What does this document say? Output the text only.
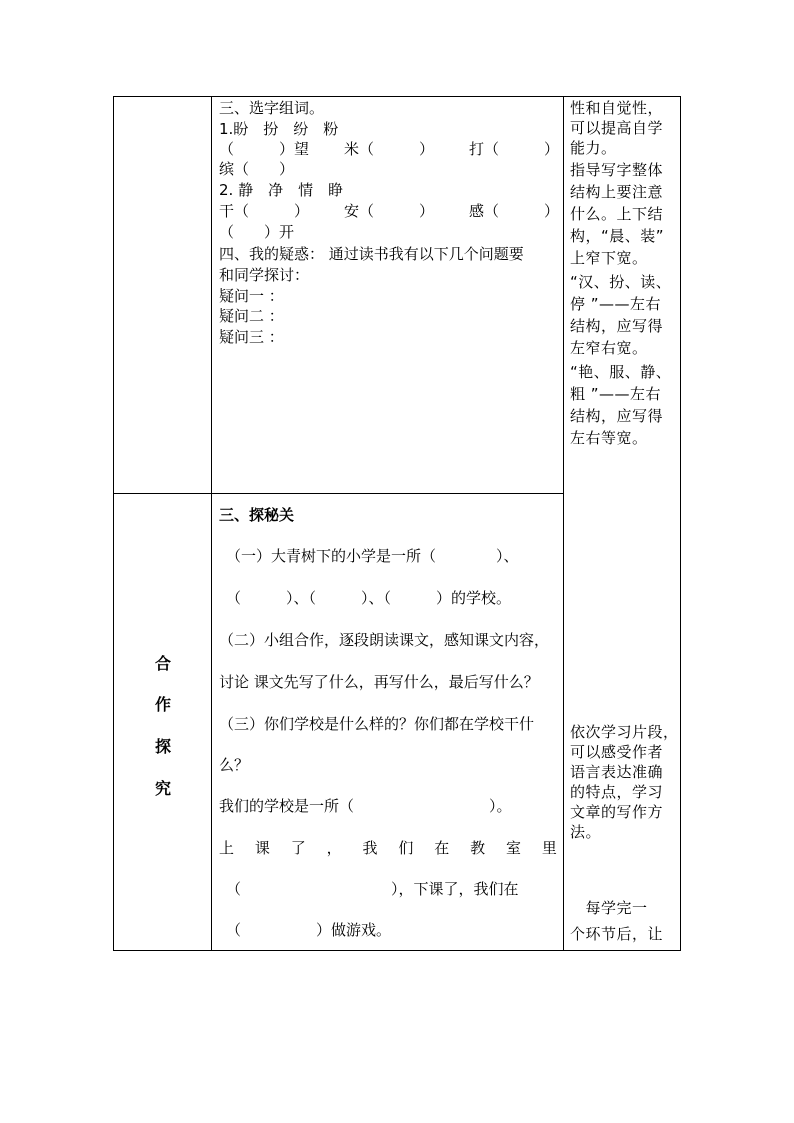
三、选字组词。
1.盼　扮　纷　粉
（　　　）望 米（　　　） 打（　　　）
缤（　　）
2. 静　净　情　睁
干（　　　） 安（　　　） 感（　　　）
（　　）开
四、我的疑惑： 通过读书我有以下几个问题要
和同学探讨：
疑问一 ：
疑问二 ：
疑问三 ：
合
作
探
究
三、探秘关
（一）大青树下的小学是一所（　　　　）、
（　　　）、（　　　）、（　　　）的学校。
（二）小组合作，逐段朗读课文，感知课文内容，
讨论 课文先写了什么，再写什么，最后写什么？
（三）你们学校是什么样的？你们都在学校干什
么？
我们的学校是一所（　　　　　　　　　）。
上 课 了 ， 我 们 在 教 室 里
（　　　　　　　　　　），下课了，我们在
（　　　　　）做游戏。
性和自觉性，
可以提高自学
能力。
指导写字整体
结构上要注意
什么。上下结
构，“晨、装”
上窄下宽。
“汉、扮、读、
停 ”——左右
结构，应写得
左窄右宽。
“艳、服、静、
粗 ”——左右
结构，应写得
左右等宽。
依次学习片段，
可以感受作者
语言表达准确
的特点，学习
文章的写作方
法。
　每学完一
个环节后，让
